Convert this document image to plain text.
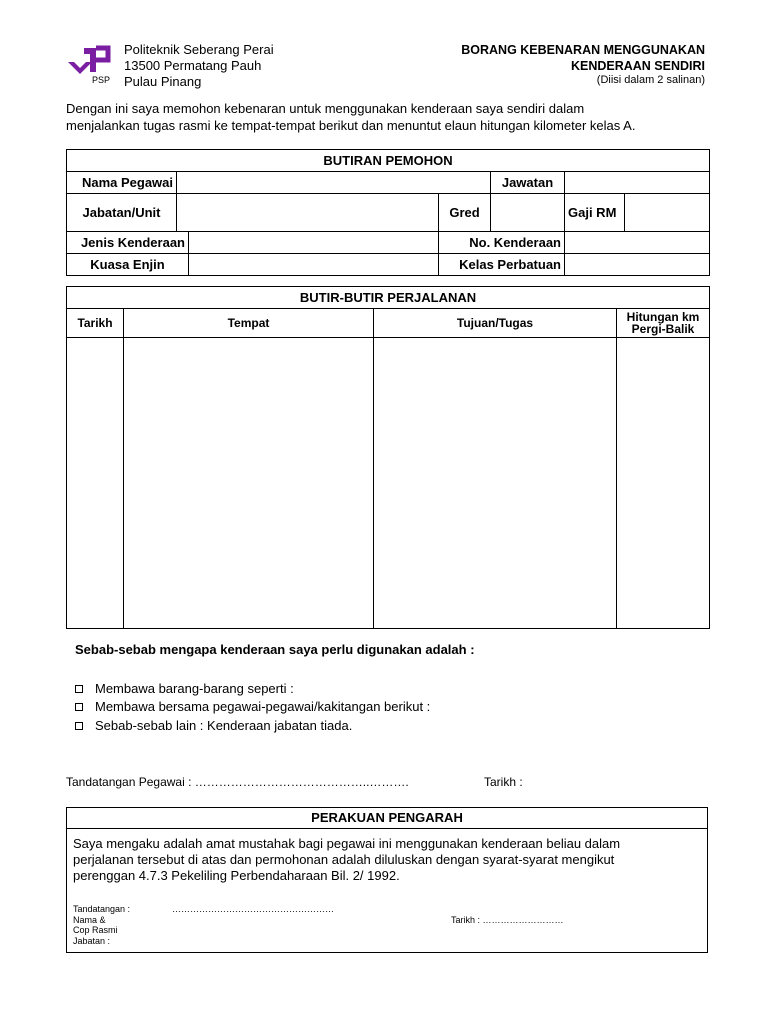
PSP
Politeknik Seberang Perai
13500 Permatang Pauh
Pulau Pinang
BORANG KEBENARAN MENGGUNAKAN
KENDERAAN SENDIRI
(Diisi dalam 2 salinan)
Dengan ini saya memohon kebenaran untuk menggunakan kenderaan saya sendiri dalam
menjalankan tugas rasmi ke tempat-tempat berikut dan menuntut elaun hitungan kilometer kelas A.
BUTIRAN PEMOHON						
Nama Pegawai				Jawatan		
Jabatan/Unit			Gred		Gaji RM	
Jenis Kenderaan			No. Kenderaan			
Kuasa Enjin			Kelas Perbatuan			
BUTIR-BUTIR PERJALANAN			
Tarikh	Tempat	Tujuan/Tugas	Hitungan km
Pergi-Balik

Sebab-sebab mengapa kenderaan saya perlu digunakan adalah :
Membawa barang-barang seperti :
Membawa bersama pegawai-pegawai/kakitangan berikut :
Sebab-sebab lain : Kenderaan jabatan tiada.
Tandatangan Pegawai : ……………………………………..……….	Tarikh :
PERAKUAN PENGARAH
Saya mengaku adalah amat mustahak bagi pegawai ini menggunakan kenderaan beliau dalam
perjalanan tersebut di atas dan permohonan adalah diluluskan dengan syarat-syarat mengikut
perenggan 4.7.3 Pekeliling Perbendaharaan Bil. 2/ 1992.
Tandatangan :	………………………………………………
Nama &
Cop Rasmi
Jabatan :
Tarikh : ………………………
